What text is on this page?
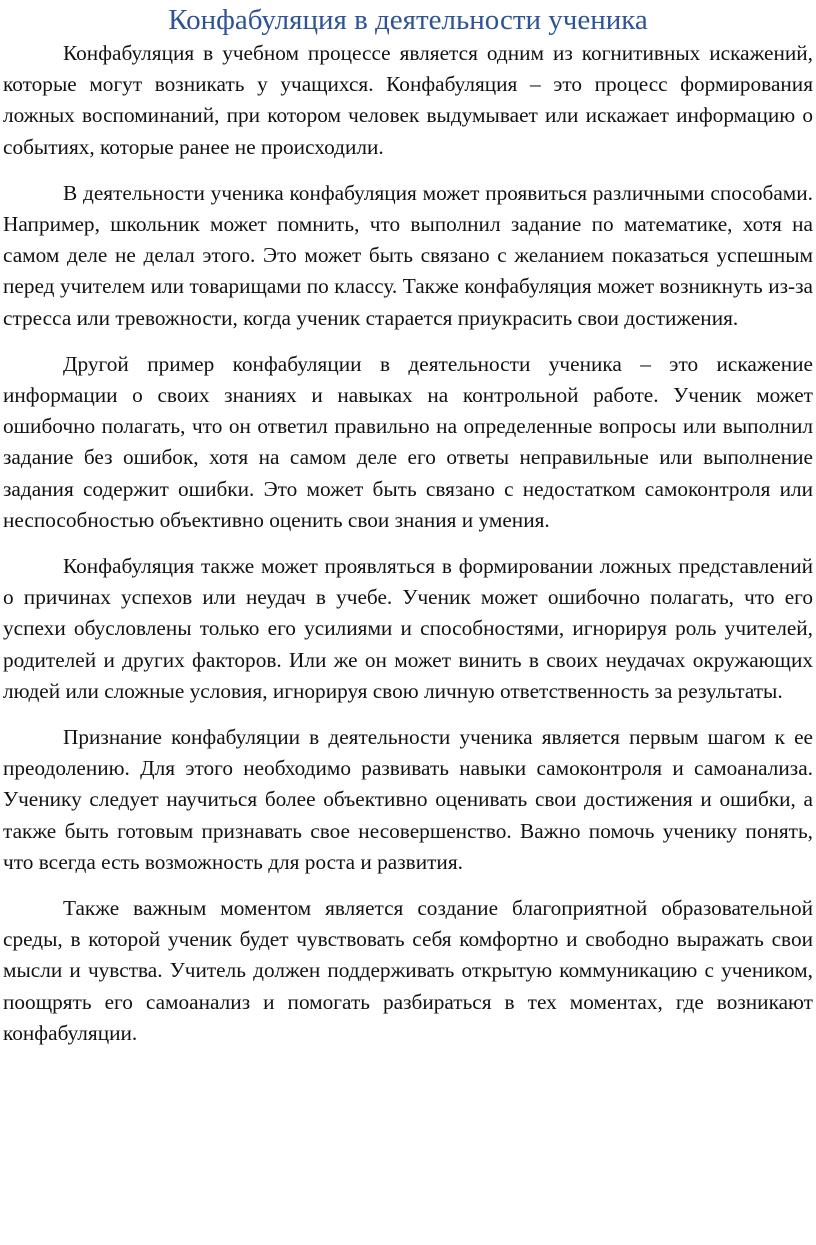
Конфабуляция в деятельности ученика

Конфабуляция в учебном процессе является одним из когнитивных искажений, которые могут возникать у учащихся. Конфабуляция – это процесс формирования ложных воспоминаний, при котором человек выдумывает или искажает информацию о событиях, которые ранее не происходили.

В деятельности ученика конфабуляция может проявиться различными способами. Например, школьник может помнить, что выполнил задание по математике, хотя на самом деле не делал этого. Это может быть связано с желанием показаться успешным перед учителем или товарищами по классу. Также конфабуляция может возникнуть из-за стресса или тревожности, когда ученик старается приукрасить свои достижения.

Другой пример конфабуляции в деятельности ученика – это искажение информации о своих знаниях и навыках на контрольной работе. Ученик может ошибочно полагать, что он ответил правильно на определенные вопросы или выполнил задание без ошибок, хотя на самом деле его ответы неправильные или выполнение задания содержит ошибки. Это может быть связано с недостатком самоконтроля или неспособностью объективно оценить свои знания и умения.

Конфабуляция также может проявляться в формировании ложных представлений о причинах успехов или неудач в учебе. Ученик может ошибочно полагать, что его успехи обусловлены только его усилиями и способностями, игнорируя роль учителей, родителей и других факторов. Или же он может винить в своих неудачах окружающих людей или сложные условия, игнорируя свою личную ответственность за результаты.

Признание конфабуляции в деятельности ученика является первым шагом к ее преодолению. Для этого необходимо развивать навыки самоконтроля и самоанализа. Ученику следует научиться более объективно оценивать свои достижения и ошибки, а также быть готовым признавать свое несовершенство. Важно помочь ученику понять, что всегда есть возможность для роста и развития.

Также важным моментом является создание благоприятной образовательной среды, в которой ученик будет чувствовать себя комфортно и свободно выражать свои мысли и чувства. Учитель должен поддерживать открытую коммуникацию с учеником, поощрять его самоанализ и помогать разбираться в тех моментах, где возникают конфабуляции.
